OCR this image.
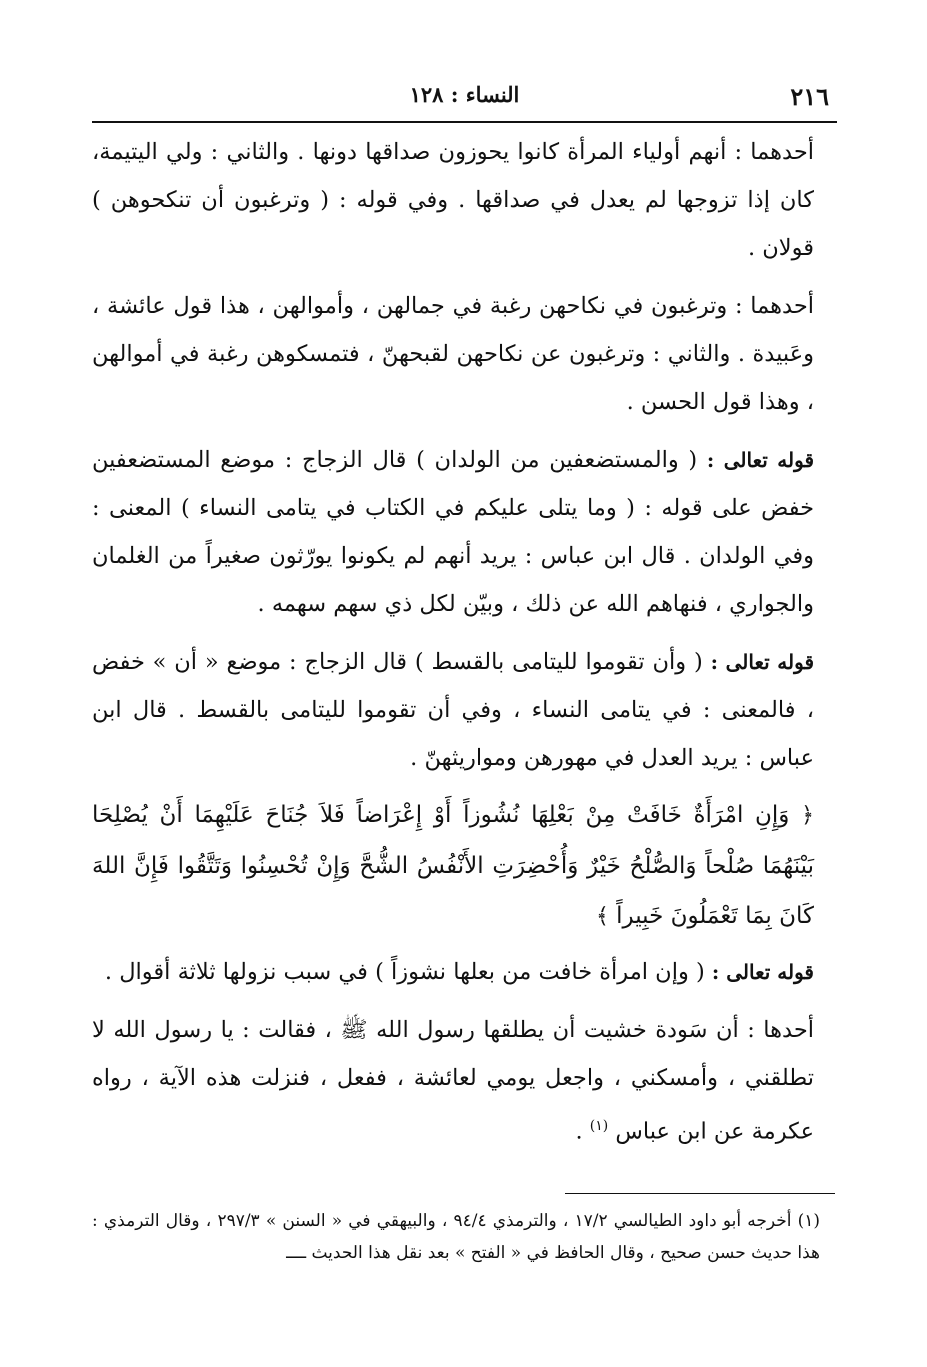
٢١٦
النساء : ١٢٨

أحدهما : أنهم أولياء المرأة كانوا يحوزون صداقها دونها . والثاني : ولي اليتيمة، كان إذا تزوجها لم يعدل في صداقها . وفي قوله : ( وترغبون أن تنكحوهن ) قولان .

أحدهما : وترغبون في نكاحهن رغبة في جمالهن ، وأموالهن ، هذا قول عائشة ، وعَبيدة . والثاني : وترغبون عن نكاحهن لقبحهنّ ، فتمسكوهن رغبة في أموالهن ، وهذا قول الحسن .

قوله تعالى : ( والمستضعفين من الولدان ) قال الزجاج : موضع المستضعفين خفض على قوله : ( وما يتلى عليكم في الكتاب في يتامى النساء ) المعنى : وفي الولدان . قال ابن عباس : يريد أنهم لم يكونوا يورّثون صغيراً من الغلمان والجواري ، فنهاهم الله عن ذلك ، وبيّن لكل ذي سهم سهمه .

قوله تعالى : ( وأن تقوموا لليتامى بالقسط ) قال الزجاج : موضع « أن » خفض ، فالمعنى : في يتامى النساء ، وفي أن تقوموا لليتامى بالقسط . قال ابن عباس : يريد العدل في مهورهن ومواريثهنّ .

﴿ وَإِنِ امْرَأَةٌ خَافَتْ مِنْ بَعْلِهَا نُشُوزاً أَوْ إِعْرَاضاً فَلاَ جُنَاحَ عَلَيْهِمَا أَنْ يُصْلِحَا بَيْنَهُمَا صُلْحاً وَالصُّلْحُ خَيْرٌ وَأُحْضِرَتِ الأَنْفُسُ الشُّحَّ وَإِنْ تُحْسِنُوا وَتَتَّقُوا فَإِنَّ اللهَ كَانَ بِمَا تَعْمَلُونَ خَبِيراً ﴾

قوله تعالى : ( وإن امرأة خافت من بعلها نشوزاً ) في سبب نزولها ثلاثة أقوال .

أحدها : أن سَودة خشيت أن يطلقها رسول الله ﷺ ، فقالت : يا رسول الله لا تطلقني ، وأمسكني ، واجعل يومي لعائشة ، ففعل ، فنزلت هذه الآية ، رواه عكرمة عن ابن عباس $^{(١)}$ .

(١) أخرجه أبو داود الطيالسي ١٧/٢ ، والترمذي ٩٤/٤ ، والبيهقي في « السنن » ٢٩٧/٣ ، وقال الترمذي : هذا حديث حسن صحيح ، وقال الحافظ في « الفتح » بعد نقل هذا الحديث ــــ
